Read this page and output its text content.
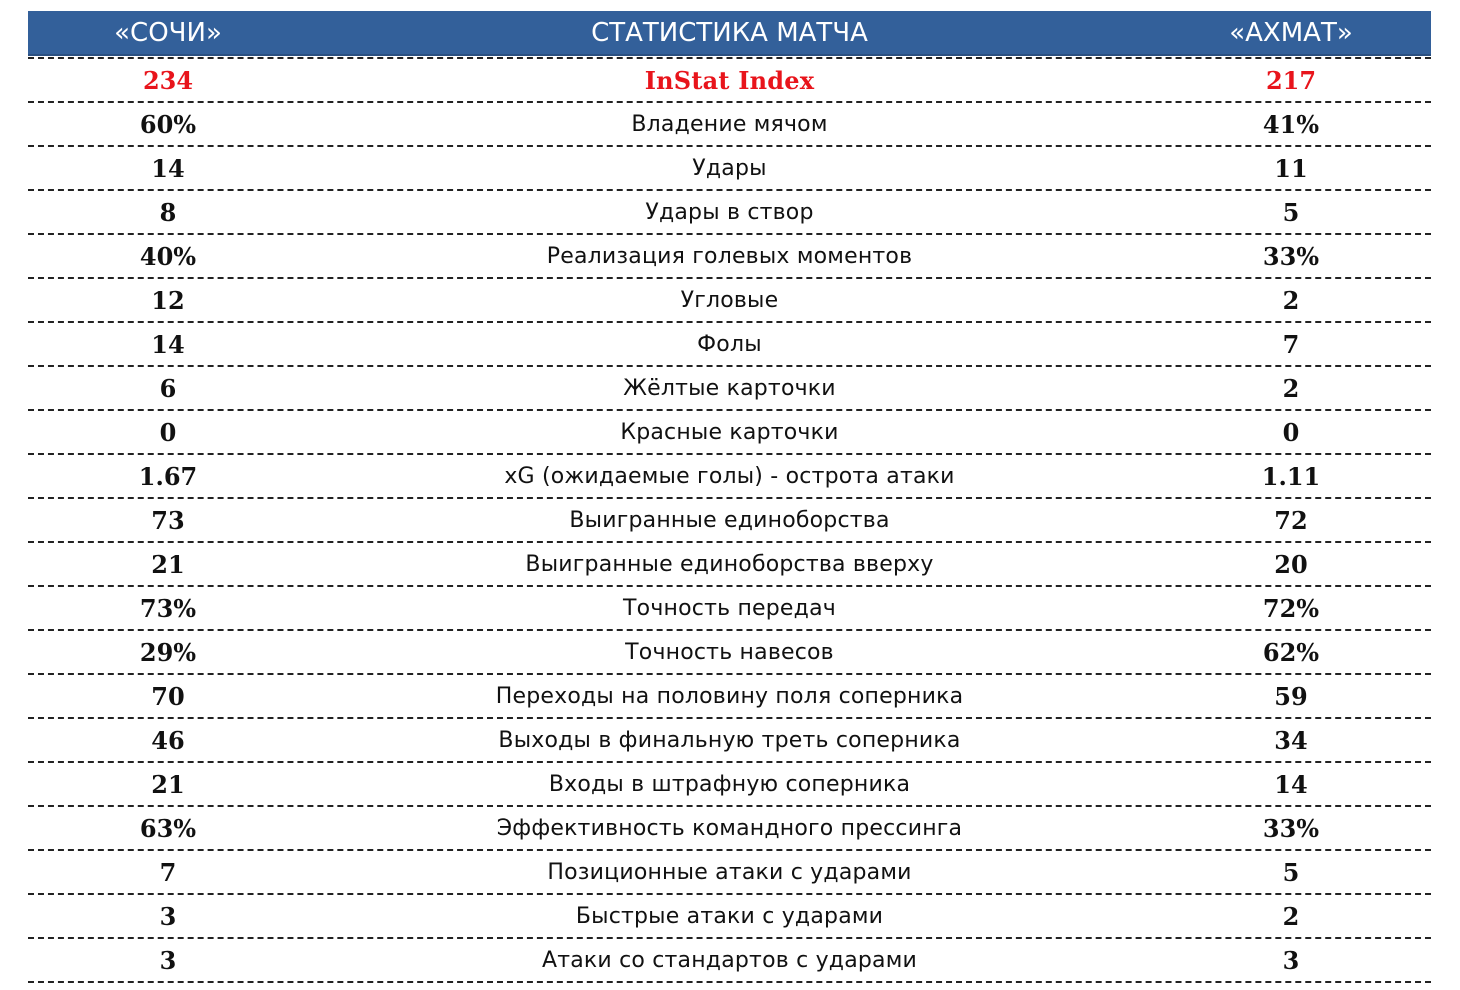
«СОЧИ»	СТАТИСТИКА МАТЧА	«АХМАТ»
234	InStat Index	217
60%	Владение мячом	41%
14	Удары	11
8	Удары в створ	5
40%	Реализация голевых моментов	33%
12	Угловые	2
14	Фолы	7
6	Жёлтые карточки	2
0	Красные карточки	0
1.67	xG (ожидаемые голы) - острота атаки	1.11
73	Выигранные единоборства	72
21	Выигранные единоборства вверху	20
73%	Точность передач	72%
29%	Точность навесов	62%
70	Переходы на половину поля соперника	59
46	Выходы в финальную треть соперника	34
21	Входы в штрафную соперника	14
63%	Эффективность командного прессинга	33%
7	Позиционные атаки с ударами	5
3	Быстрые атаки с ударами	2
3	Атаки со стандартов с ударами	3
